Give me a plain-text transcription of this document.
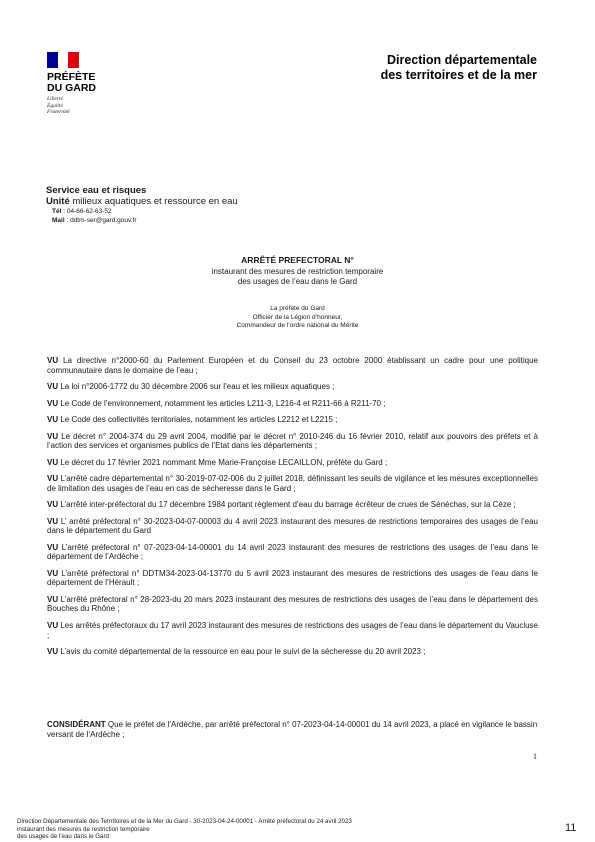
PRÉFÈTE
DU GARD
Liberté
Égalité
Fraternité
Direction départementale
des territoires et de la mer
Service eau et risques
Unité milieux aquatiques et ressource en eau
Tél : 04-66-62-63-52
Mail : ddtm-ser@gard.gouv.fr
ARRÊTÉ PREFECTORAL N°
instaurant des mesures de restriction temporaire
des usages de l’eau dans le Gard
La préfète du Gard
Officier de la Légion d’honneur,
Commandeur de l’ordre national du Mérite

VU La directive n°2000-60 du Parlement Européen et du Conseil du 23 octobre 2000 établissant un cadre pour une politique communautaire dans le domaine de l’eau ;

VU La loi n°2006-1772 du 30 décembre 2006 sur l’eau et les milieux aquatiques ;

VU Le Code de l’environnement, notamment les articles L211-3, L216-4 et R211-66 à R211-70 ;

VU Le Code des collectivités territoriales, notamment les articles L2212 et L2215 ;

VU Le décret n° 2004-374 du 29 avril 2004, modifié par le décret n° 2010-246 du 16 février 2010, relatif aux pouvoirs des préfets et à l’action des services et organismes publics de l’Etat dans les départements ;

VU Le décret du 17 février 2021 nommant Mme Marie-Françoise LECAILLON, préfète du Gard ;

VU L’arrêté cadre départemental n° 30-2019-07-02-006 du 2 juillet 2018, définissant les seuils de vigilance et les mesures exceptionnelles de limitation des usages de l’eau en cas de sécheresse dans le Gard ;

VU L’arrêté inter-préfectoral du 17 décembre 1984 portant règlement d’eau du barrage écrêteur de crues de Sénéchas, sur la Cèze ;

VU L’ arrêté préfectoral n° 30-2023-04-07-00003 du 4 avril 2023 instaurant des mesures de restrictions temporaires des usages de l’eau dans le département du Gard

VU L’arrêté préfectoral n° 07-2023-04-14-00001 du 14 avril 2023 instaurant des mesures de restrictions des usages de l’eau dans le département de l’Ardèche ;

VU L’arrêté préfectoral n° DDTM34-2023-04-13770 du 5 avril 2023 instaurant des mesures de restrictions des usages de l’eau dans le département de l’Hérault ;

VU L’arrêté préfectoral n° 28-2023-du 20 mars 2023 instaurant des mesures de restrictions des usages de l’eau dans le département des Bouches du Rhône ;

VU Les arrêtés préfectoraux du 17 avril 2023 instaurant des mesures de restrictions des usages de l’eau dans le département du Vaucluse ;

VU L’avis du comité départemental de la ressource en eau pour le suivi de la sécheresse du 20 avril 2023 ;

CONSIDÉRANT Que le préfet de l’Ardèche, par arrêté préfectoral n° 07-2023-04-14-00001 du 14 avril 2023, a placé en vigilance le bassin versant de l’Ardèche ;
1
Direction Départementale des Tetrritoires et de la Mer du Gard - 30-2023-04-24-00001 - Arrêté préfectoral du 24 avril 2023
instaurant des mesures de restriction temporaire
des usages de l'eau dans le Gard
11
